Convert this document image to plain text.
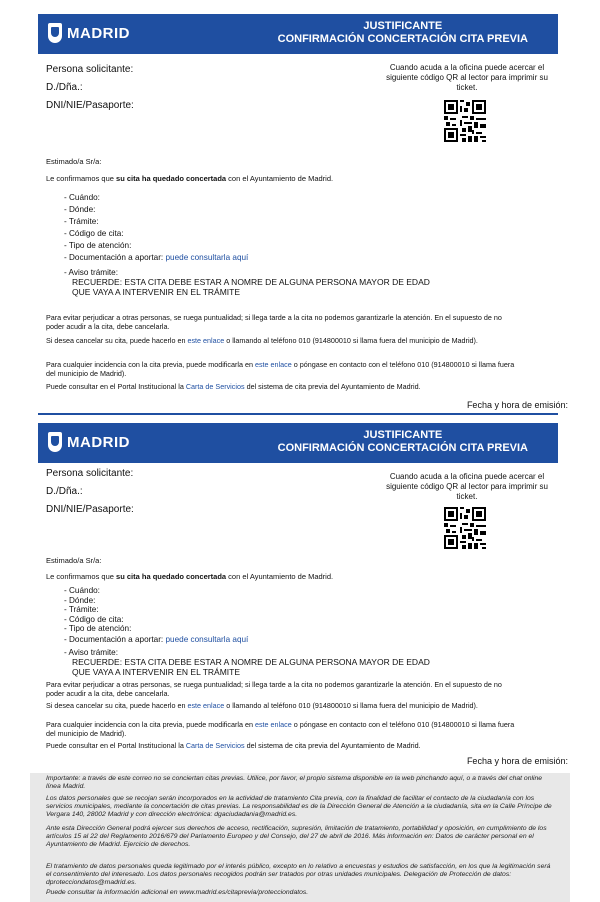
MADRID	JUSTIFICANTE
CONFIRMACIÓN CONCERTACIÓN CITA PREVIA
Persona solicitante:
D./Dña.:
DNI/NIE/Pasaporte:
Cuando acuda a la oficina puede acercar el siguiente código QR al lector para imprimir su ticket.
Estimado/a Sr/a:
Le confirmamos que su cita ha quedado concertada con el Ayuntamiento de Madrid.
- Cuándo:
- Dónde:
- Trámite:
- Código de cita:
- Tipo de atención:
- Documentación a aportar: puede consultarla aquí
- Aviso trámite:
RECUERDE: ESTA CITA DEBE ESTAR A NOMRE DE ALGUNA PERSONA MAYOR DE EDAD QUE VAYA A INTERVENIR EN EL TRÁMITE
Para evitar perjudicar a otras personas, se ruega puntualidad; si llega tarde a la cita no podemos garantizarle la atención. En el supuesto de no poder acudir a la cita, debe cancelarla.
Si desea cancelar su cita, puede hacerlo en este enlace o llamando al teléfono 010 (914800010 si llama fuera del municipio de Madrid).
Para cualquier incidencia con la cita previa, puede modificarla en este enlace o póngase en contacto con el teléfono 010 (914800010 si llama fuera del municipio de Madrid).
Puede consultar en el Portal Institucional la Carta de Servicios del sistema de cita previa del Ayuntamiento de Madrid.
Fecha y hora de emisión:
MADRID	JUSTIFICANTE
CONFIRMACIÓN CONCERTACIÓN CITA PREVIA
Persona solicitante:
D./Dña.:
DNI/NIE/Pasaporte:
Cuando acuda a la oficina puede acercar el siguiente código QR al lector para imprimir su ticket.
Estimado/a Sr/a:
Le confirmamos que su cita ha quedado concertada con el Ayuntamiento de Madrid.
- Cuándo:
- Dónde:
- Trámite:
- Código de cita:
- Tipo de atención:
- Documentación a aportar: puede consultarla aquí
- Aviso trámite:
RECUERDE: ESTA CITA DEBE ESTAR A NOMRE DE ALGUNA PERSONA MAYOR DE EDAD QUE VAYA A INTERVENIR EN EL TRÁMITE
Para evitar perjudicar a otras personas, se ruega puntualidad; si llega tarde a la cita no podemos garantizarle la atención. En el supuesto de no poder acudir a la cita, debe cancelarla.
Si desea cancelar su cita, puede hacerlo en este enlace o llamando al teléfono 010 (914800010 si llama fuera del municipio de Madrid).
Para cualquier incidencia con la cita previa, puede modificarla en este enlace o póngase en contacto con el teléfono 010 (914800010 si llama fuera del municipio de Madrid).
Puede consultar en el Portal Institucional la Carta de Servicios del sistema de cita previa del Ayuntamiento de Madrid.
Fecha y hora de emisión:
Importante: a través de este correo no se conciertan citas previas. Utilice, por favor, el propio sistema disponible en la web pinchando aquí, o a través del chat online línea Madrid.
Los datos personales que se recojan serán incorporados en la actividad de tratamiento Cita previa, con la finalidad de facilitar el contacto de la ciudadanía con los servicios municipales, mediante la concertación de citas previas. La responsabilidad es de la Dirección General de Atención a la ciudadanía, sita en la Calle Príncipe de Vergara 140, 28002 Madrid y con dirección electrónica: dgaciudadania@madrid.es.
Ante esta Dirección General podrá ejercer sus derechos de acceso, rectificación, supresión, limitación de tratamiento, portabilidad y oposición, en cumplimiento de los artículos 15 al 22 del Reglamento 2016/679 del Parlamento Europeo y del Consejo, del 27 de abril de 2016. Más información en: Datos de carácter personal en el Ayuntamiento de Madrid. Ejercicio de derechos.
El tratamiento de datos personales queda legitimado por el interés público, excepto en lo relativo a encuestas y estudios de satisfacción, en los que la legitimación será el consentimiento del interesado. Los datos personales recogidos podrán ser tratados por otras unidades municipales. Delegación de Protección de datos: dprotecciondatos@madrid.es.
Puede consultar la información adicional en www.madrid.es/citaprevia/protecciondatos.
